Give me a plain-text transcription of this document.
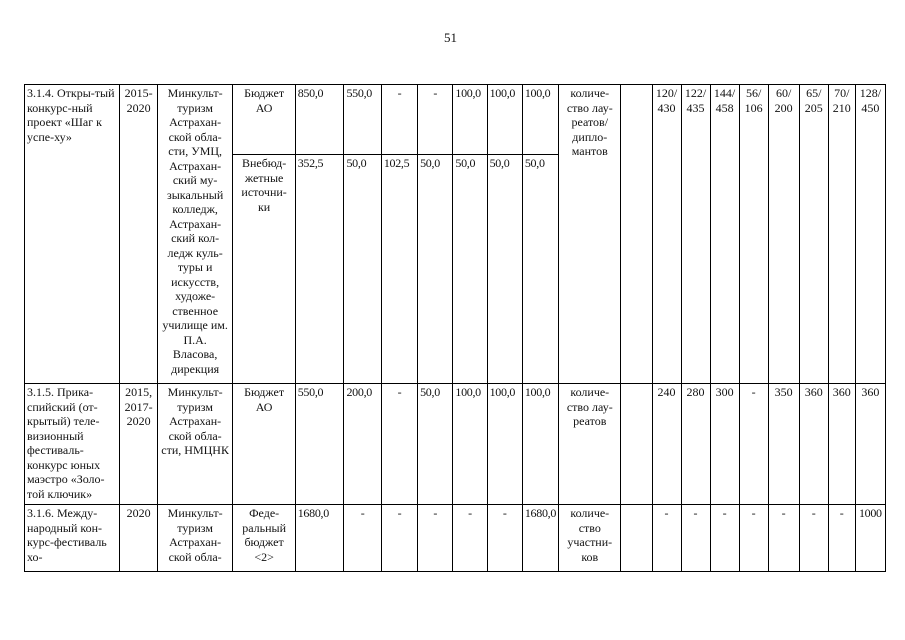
51
3.1.4. Откры-тый конкурс-ный проект «Шаг к успе-ху»	2015-2020	Минкульт-туризм Астрахан-ской обла-сти, УМЦ, Астрахан-ский му-зыкальный колледж, Астрахан-ский кол-ледж куль-туры и искусств, художе-ственное училище им. П.А. Власова, дирекция	Бюджет АО	850,0	550,0	-	-	100,0	100,0	100,0	количе-ство лау-реатов/ дипло-мантов		120/ 430	122/ 435	144/ 458	56/ 106	60/ 200	65/ 205	70/ 210	128/ 450
			Внебюд-жетные источни-ки	352,5	50,0	102,5	50,0	50,0	50,0	50,0										
3.1.5. Прика-спийский (от-крытый) теле-визионный фестиваль-конкурс юных маэстро «Золо-той ключик»	2015, 2017-2020	Минкульт-туризм Астрахан-ской обла-сти, НМЦНК	Бюджет АО	550,0	200,0	-	50,0	100,0	100,0	100,0	количе-ство лау-реатов		240	280	300	-	350	360	360	360
3.1.6. Между-народный кон-курс-фестиваль хо-	2020	Минкульт-туризм Астрахан-ской обла-	Феде-ральный бюджет <2>	1680,0	-	-	-	-	-	1680,0	количе-ство участни-ков		-	-	-	-	-	-	-	1000
